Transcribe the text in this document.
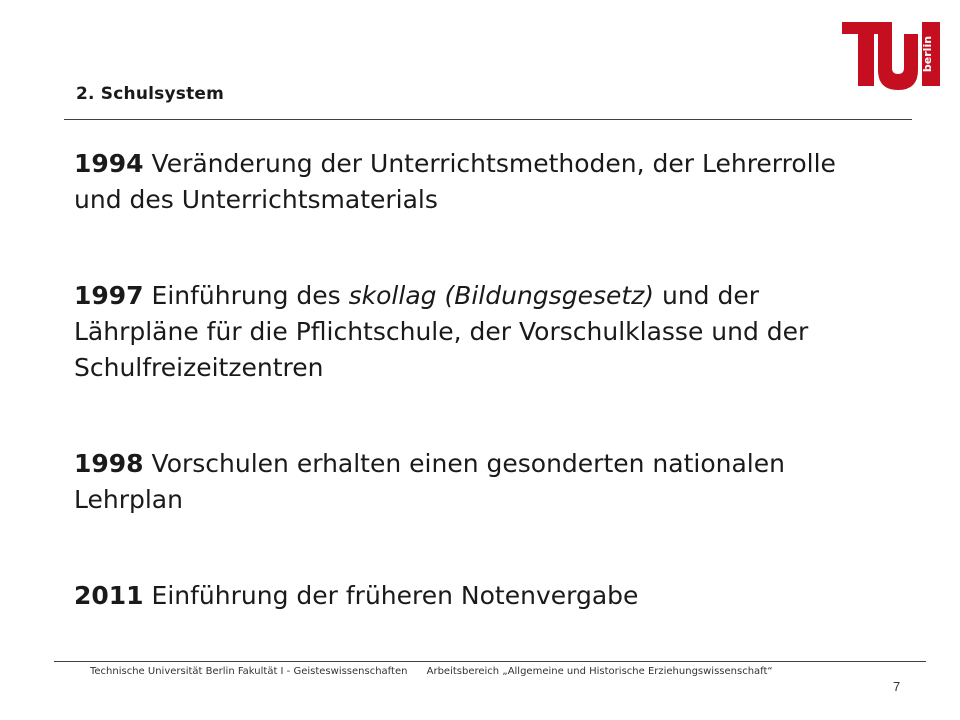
2. Schulsystem
berlin

1994 Veränderung der Unterrichtsmethoden, der Lehrerrolle und des Unterrichtsmaterials

1997 Einführung des skollag (Bildungsgesetz) und der Lährpläne für die Pflichtschule, der Vorschulklasse und der Schulfreizeitzentren

1998 Vorschulen erhalten einen gesonderten nationalen Lehrplan

2011 Einführung der früheren Notenvergabe

Technische Universität Berlin Fakultät I - Geisteswissenschaften Arbeitsbereich „Allgemeine und Historische Erziehungswissenschaft“
7
